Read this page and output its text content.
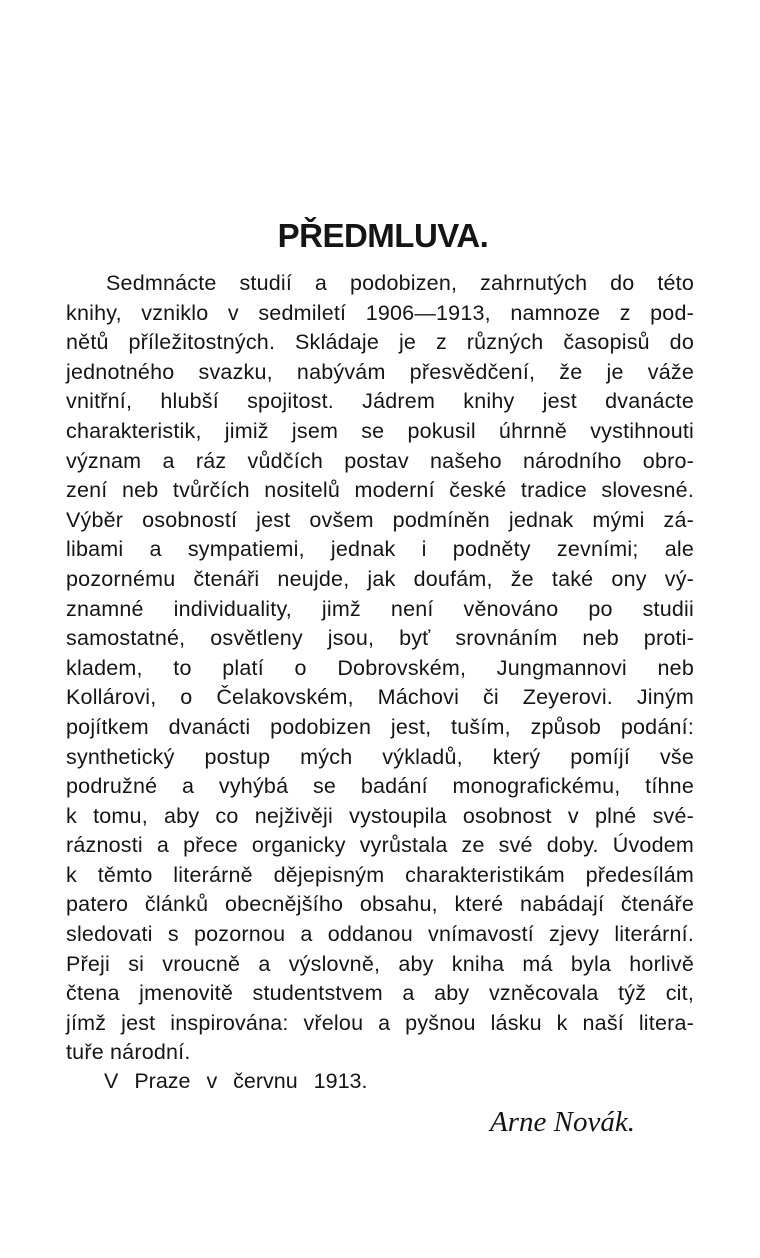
PŘEDMLUVA.
Sedmnácte studií a podobizen, zahrnutých do této
knihy, vzniklo v sedmiletí 1906—1913, namnoze z pod-
nětů příležitostných. Skládaje je z různých časopisů do
jednotného svazku, nabývám přesvědčení, že je váže
vnitřní, hlubší spojitost. Jádrem knihy jest dvanácte
charakteristik, jimiž jsem se pokusil úhrnně vystihnouti
význam a ráz vůdčích postav našeho národního obro-
zení neb tvůrčích nositelů moderní české tradice slovesné.
Výběr osobností jest ovšem podmíněn jednak mými zá-
libami a sympatiemi, jednak i podněty zevními; ale
pozornému čtenáři neujde, jak doufám, že také ony vý-
znamné individuality, jimž není věnováno po studii
samostatné, osvětleny jsou, byť srovnáním neb proti-
kladem, to platí o Dobrovském, Jungmannovi neb
Kollárovi, o Čelakovském, Máchovi či Zeyerovi. Jiným
pojítkem dvanácti podobizen jest, tuším, způsob podání:
synthetický postup mých výkladů, který pomíjí vše
podružné a vyhýbá se badání monografickému, tíhne
k tomu, aby co nejživěji vystoupila osobnost v plné své-
ráznosti a přece organicky vyrůstala ze své doby. Úvodem
k těmto literárně dějepisným charakteristikám předesílám
patero článků obecnějšího obsahu, které nabádají čtenáře
sledovati s pozornou a oddanou vnímavostí zjevy literární.
Přeji si vroucně a výslovně, aby kniha má byla horlivě
čtena jmenovitě studentstvem a aby vzněcovala týž cit,
jímž jest inspirována: vřelou a pyšnou lásku k naší litera-
tuře národní.

V Praze v červnu 1913.

Arne Novák.
